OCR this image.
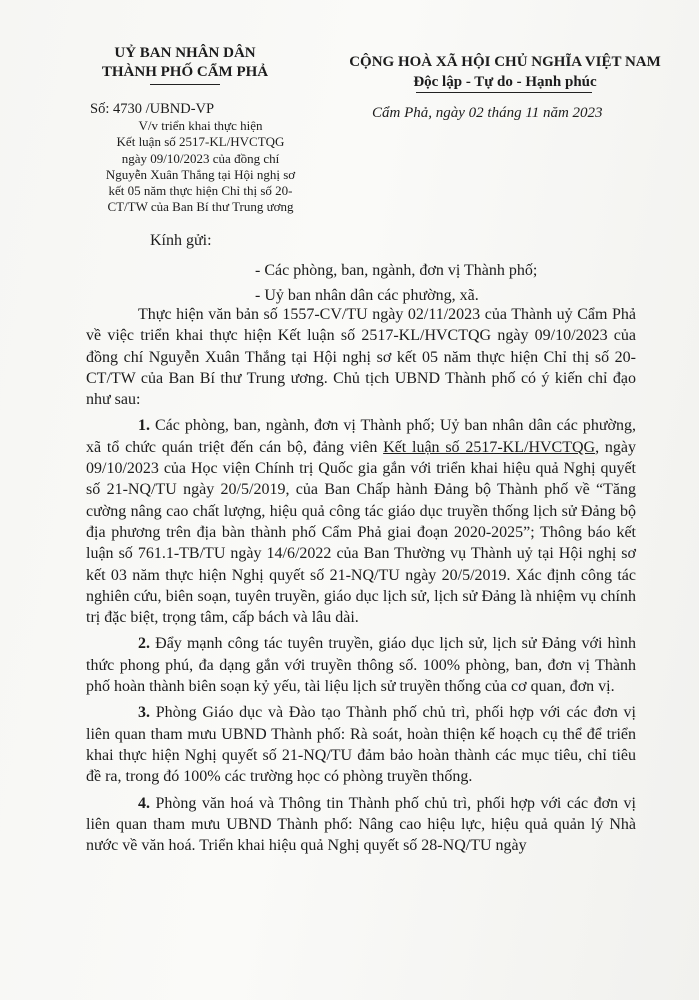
UỶ BAN NHÂN DÂN
THÀNH PHỐ CẨM PHẢ
CỘNG HOÀ XÃ HỘI CHỦ NGHĨA VIỆT NAM
Độc lập - Tự do - Hạnh phúc
Số: 4730 /UBND-VP
V/v triển khai thực hiện
Kết luận số 2517-KL/HVCTQG
ngày 09/10/2023 của đồng chí
Nguyễn Xuân Thắng tại Hội nghị sơ
kết 05 năm thực hiện Chỉ thị số 20-
CT/TW của Ban Bí thư Trung ương
Cẩm Phả, ngày 02 tháng 11 năm 2023
Kính gửi:
- Các phòng, ban, ngành, đơn vị Thành phố;
- Uỷ ban nhân dân các phường, xã.

Thực hiện văn bản số 1557-CV/TU ngày 02/11/2023 của Thành uỷ Cẩm Phả về việc triển khai thực hiện Kết luận số 2517-KL/HVCTQG ngày 09/10/2023 của đồng chí Nguyễn Xuân Thắng tại Hội nghị sơ kết 05 năm thực hiện Chỉ thị số 20-CT/TW của Ban Bí thư Trung ương. Chủ tịch UBND Thành phố có ý kiến chỉ đạo như sau:

1. Các phòng, ban, ngành, đơn vị Thành phố; Uỷ ban nhân dân các phường, xã tổ chức quán triệt đến cán bộ, đảng viên Kết luận số 2517-KL/HVCTQG, ngày 09/10/2023 của Học viện Chính trị Quốc gia gắn với triển khai hiệu quả Nghị quyết số 21-NQ/TU ngày 20/5/2019, của Ban Chấp hành Đảng bộ Thành phố về “Tăng cường nâng cao chất lượng, hiệu quả công tác giáo dục truyền thống lịch sử Đảng bộ địa phương trên địa bàn thành phố Cẩm Phả giai đoạn 2020-2025”; Thông báo kết luận số 761.1-TB/TU ngày 14/6/2022 của Ban Thường vụ Thành uỷ tại Hội nghị sơ kết 03 năm thực hiện Nghị quyết số 21-NQ/TU ngày 20/5/2019. Xác định công tác nghiên cứu, biên soạn, tuyên truyền, giáo dục lịch sử, lịch sử Đảng là nhiệm vụ chính trị đặc biệt, trọng tâm, cấp bách và lâu dài.

2. Đẩy mạnh công tác tuyên truyền, giáo dục lịch sử, lịch sử Đảng với hình thức phong phú, đa dạng gắn với truyền thông số. 100% phòng, ban, đơn vị Thành phố hoàn thành biên soạn kỷ yếu, tài liệu lịch sử truyền thống của cơ quan, đơn vị.

3. Phòng Giáo dục và Đào tạo Thành phố chủ trì, phối hợp với các đơn vị liên quan tham mưu UBND Thành phố: Rà soát, hoàn thiện kế hoạch cụ thể để triển khai thực hiện Nghị quyết số 21-NQ/TU đảm bảo hoàn thành các mục tiêu, chỉ tiêu đề ra, trong đó 100% các trường học có phòng truyền thống.

4. Phòng văn hoá và Thông tin Thành phố chủ trì, phối hợp với các đơn vị liên quan tham mưu UBND Thành phố: Nâng cao hiệu lực, hiệu quả quản lý Nhà nước về văn hoá. Triển khai hiệu quả Nghị quyết số 28-NQ/TU ngày
